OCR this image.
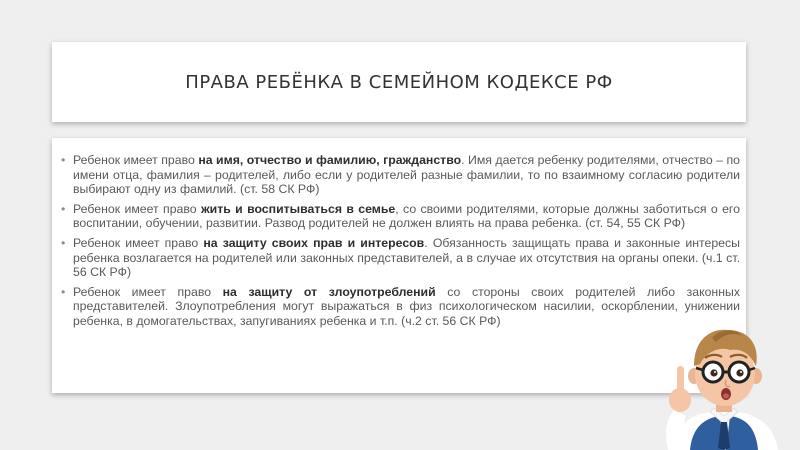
ПРАВА РЕБЁНКА В СЕМЕЙНОМ КОДЕКСЕ РФ
• Ребенок имеет право на имя, отчество и фамилию, гражданство. Имя дается ребенку родителями, отчество – по имени отца, фамилия – родителей, либо если у родителей разные фамилии, то по взаимному согласию родители выбирают одну из фамилий. (ст. 58 СК РФ)
• Ребенок имеет право жить и воспитываться в семье, со своими родителями, которые должны заботиться о его воспитании, обучении, развитии. Развод родителей не должен влиять на права ребенка. (ст. 54, 55 СК РФ)
• Ребенок имеет право на защиту своих прав и интересов. Обязанность защищать права и законные интересы ребенка возлагается на родителей или законных представителей, а в случае их отсутствия на органы опеки. (ч.1 ст. 56 СК РФ)
• Ребенок имеет право на защиту от злоупотреблений со стороны своих родителей либо законных представителей. Злоупотребления могут выражаться в физ психологическом насилии, оскорблении, унижении ребенка, в домогательствах, запугиваниях ребенка и т.п. (ч.2 ст. 56 СК РФ)
